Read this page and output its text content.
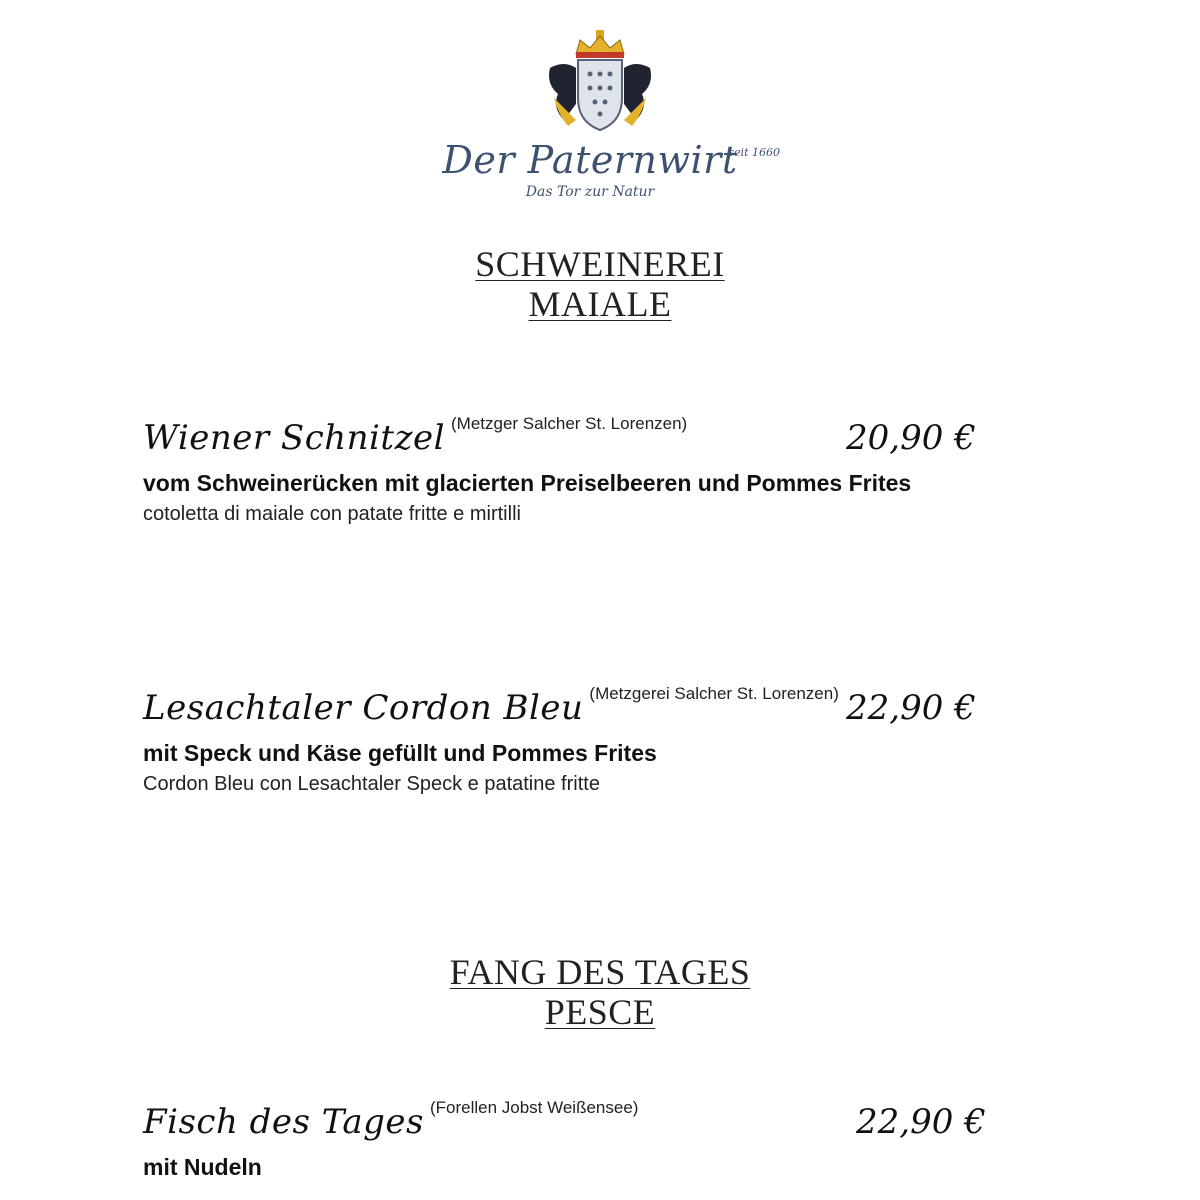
Der Paternwirt
seit 1660
Das Tor zur Natur
SCHWEINEREI
MAIALE
Wiener Schnitzel (Metzger Salcher St. Lorenzen)	20,90 €
vom Schweinerücken mit glacierten Preiselbeeren und Pommes Frites
cotoletta di maiale con patate fritte e mirtilli
Lesachtaler Cordon Bleu (Metzgerei Salcher St. Lorenzen) 22,90 €
mit Speck und Käse gefüllt und Pommes Frites
Cordon Bleu con Lesachtaler Speck e patatine fritte
FANG DES TAGES
PESCE
Fisch des Tages (Forellen Jobst Weißensee)	22,90 €
mit Nudeln
